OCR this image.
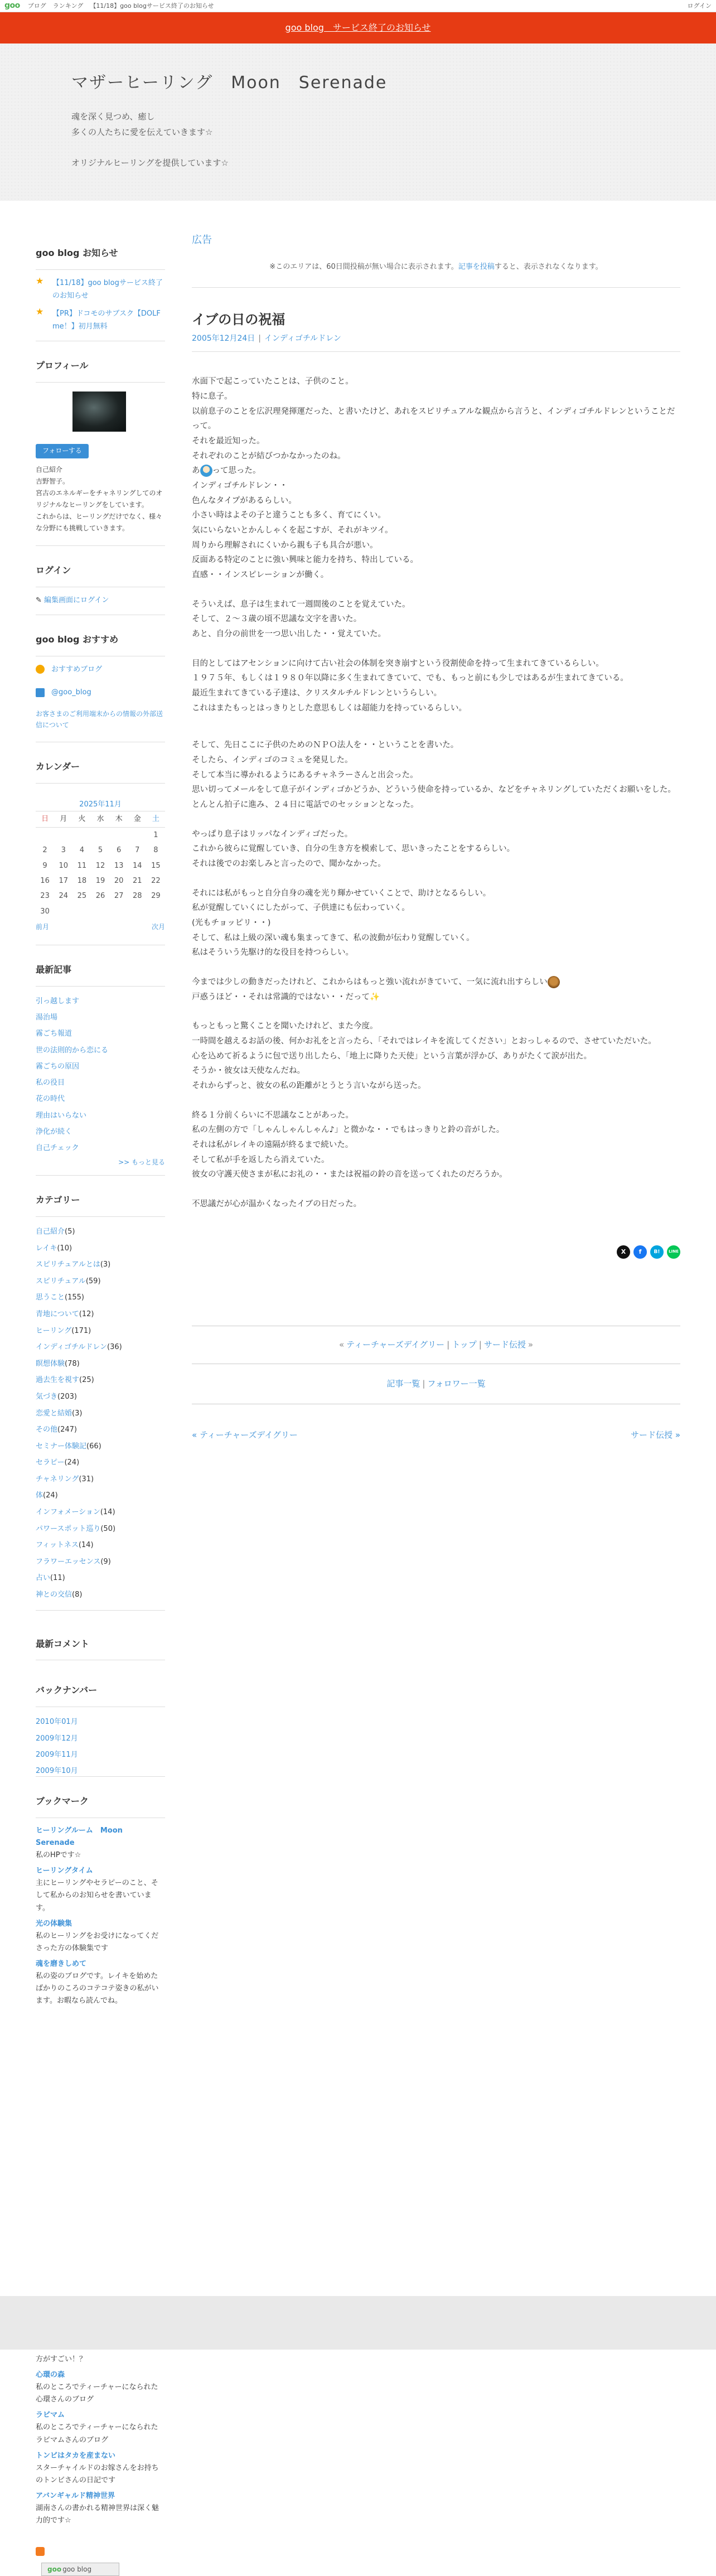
goo ブログ ランキング 【11/18】goo blogサービス終了のお知らせ	ログイン
goo blog　サービス終了のお知らせ
マザーヒーリング　Moon　Serenade

魂を深く見つめ、癒し
多くの人たちに愛を伝えていきます☆

オリジナルヒーリングを提供しています☆

goo blog お知らせ
★ 【11/18】goo blogサービス終了のお知らせ
★ 【PR】ドコモのサブスク【DOLF me！】初月無料
プロフィール
フォローする
自己紹介
吉野智子。
宮古のエネルギーをチャネリングしてのオリジナルなヒーリングをしています。
これからは、ヒーリングだけでなく、様々な分野にも挑戦していきます。
ログイン
✎ 編集画面にログイン
goo blog おすすめ
おすすめブログ
@goo_blog
お客さまのご利用端末からの情報の外部送信について
カレンダー
2025年11月
日	月	火	水	木	金	土
						1
2	3	4	5	6	7	8
9	10	11	12	13	14	15
16	17	18	19	20	21	22
23	24	25	26	27	28	29
30						
前月	次月
最新記事
引っ越します
湯治場
霧ごち報道
世の法則的から恋にる
霧ごちの原因
私の役目
花の時代
理由はいらない
浄化が続く
自己チェック
>> もっと見る
カテゴリー
自己紹介(5)
レイキ(10)
スピリチュアルとは(3)
スピリチュアル(59)
思うこと(155)
青地について(12)
ヒーリング(171)
インディゴチルドレン(36)
瞑想体験(78)
過去生を視す(25)
気づき(203)
恋愛と結婚(3)
その他(247)
セミナー体験記(66)
セラピー(24)
チャネリング(31)
体(24)
インフォメーション(14)
パワースポット巡り(50)
フィットネス(14)
フラワーエッセンス(9)
占い(11)
神との交信(8)
最新コメント
バックナンバー
2010年01月
2009年12月
2009年11月
2009年10月
ブックマーク
ヒーリングルーム　Moon　Serenade
私のHPです☆
ヒーリングタイム
主にヒーリングやセラピーのこと、そして私からのお知らせを書いています。
光の体験集
私のヒーリングをお受けになってくださった方の体験集です
魂を磨きしめて
私の姿のブログです。レイキを始めたばかりのころのコテコテ姿きの私がいます。お暇なら読んでね。
広告
※このエリアは、60日間投稿が無い場合に表示されます。記事を投稿すると、表示されなくなります。
イブの日の祝福
2005年12月24日 | インディゴチルドレン

水面下で起こっていたことは、子供のこと。
特に息子。
以前息子のことを広沢理発揮運だった、と書いたけど、あれをスピリチュアルな観点から言うと、インディゴチルドレンということだって。
それを最近知った。
それぞれのことが結びつかなかったのね。

あ って思った。
インディゴチルドレン・・
色んなタイプがあるらしい。
小さい時はよその子と違うことも多く、育てにくい。
気にいらないとかんしゃくを起こすが、それがキツイ。
周りから理解されにくいから親も子も具合が悪い。
反面ある特定のことに強い興味と能力を持ち、特出している。
直感・・インスピレーションが働く。

そういえば、息子は生まれて一週間後のことを覚えていた。
そして、２〜３歳の頃不思議な文字を書いた。
あと、自分の前世を一つ思い出した・・覚えていた。

目的としてはアセンションに向けて古い社会の体制を突き崩すという役割使命を持って生まれてきているらしい。
１９７５年、もしくは１９８０年以降に多く生まれてきていて、でも、もっと前にも少しではあるが生まれてきている。
最近生まれてきている子達は、クリスタルチルドレンというらしい。
これはまたもっとはっきりとした意思もしくは超能力を持っているらしい。

そして、先日ここに子供のためのＮＰＯ法人を・・ということを書いた。
そしたら、インディゴのコミュを発見した。
そして本当に導かれるようにあるチャネラーさんと出会った。
思い切ってメールをして息子がインディゴかどうか、どういう使命を持っているか、などをチャネリングしていただくお願いをした。
とんとん拍子に進み、２４日に電話でのセッションとなった。

やっぱり息子はリッパなインディゴだった。
これから彼らに覚醒していき、自分の生き方を模索して、思いきったことをするらしい。
それは後でのお楽しみと言ったので、聞かなかった。

それには私がもっと自分自身の魂を光り輝かせていくことで、助けとなるらしい。
私が覚醒していくにしたがって、子供達にも伝わっていく。
(光もチョッピリ・・)
そして、私は上級の深い魂も集まってきて、私の波動が伝わり覚醒していく。
私はそういう先駆け的な役目を持つらしい。

今までは少しの動きだったけれど、これからはもっと強い流れがきていて、一気に流れ出すらしい
戸惑うほど・・それは常識的ではない・・だって✨

もっともっと驚くことを聞いたけれど、また今度。
一時間を越えるお話の後、何かお礼をと言ったら、「それではレイキを流してください」とおっしゃるので、させていただいた。
心を込めて祈るように包で送り出したら、「地上に降りた天使」という言葉が浮かび、ありがたくて涙が出た。
そうか・彼女は天使なんだね。
それからずっと、彼女の私の距離がとうとう言いながら送った。

終る１分前くらいに不思議なことがあった。
私の左側の方で「しゃんしゃんしゃん♪」と微かな・・でもはっきりと鈴の音がした。
それは私がレイキの遠隔が終るまで続いた。
そして私が手を返したら消えていた。
彼女の守護天使さまが私にお礼の・・または祝福の鈴の音を送ってくれたのだろうか。

不思議だが心が温かくなったイブの日だった。

X	f	B!	LINE
« ティーチャーズデイグリー | トップ | サード伝授 »
記事一覧 | フォロワー一覧
« ティーチャーズデイグリー	サード伝授 »
方がすごい！？
心環の森
私のところでティーチャーになられた心環さんのブログ
ラビマム
私のところでティーチャーになられたラビマムさんのブログ
トンビはタカを産まない
スターチャイルドのお嫁さんをお持ちのトンビさんの日記です
アバンギャルド精神世界
湖南さんの書かれる精神世界は深く魅力的です☆
goo goo blog
